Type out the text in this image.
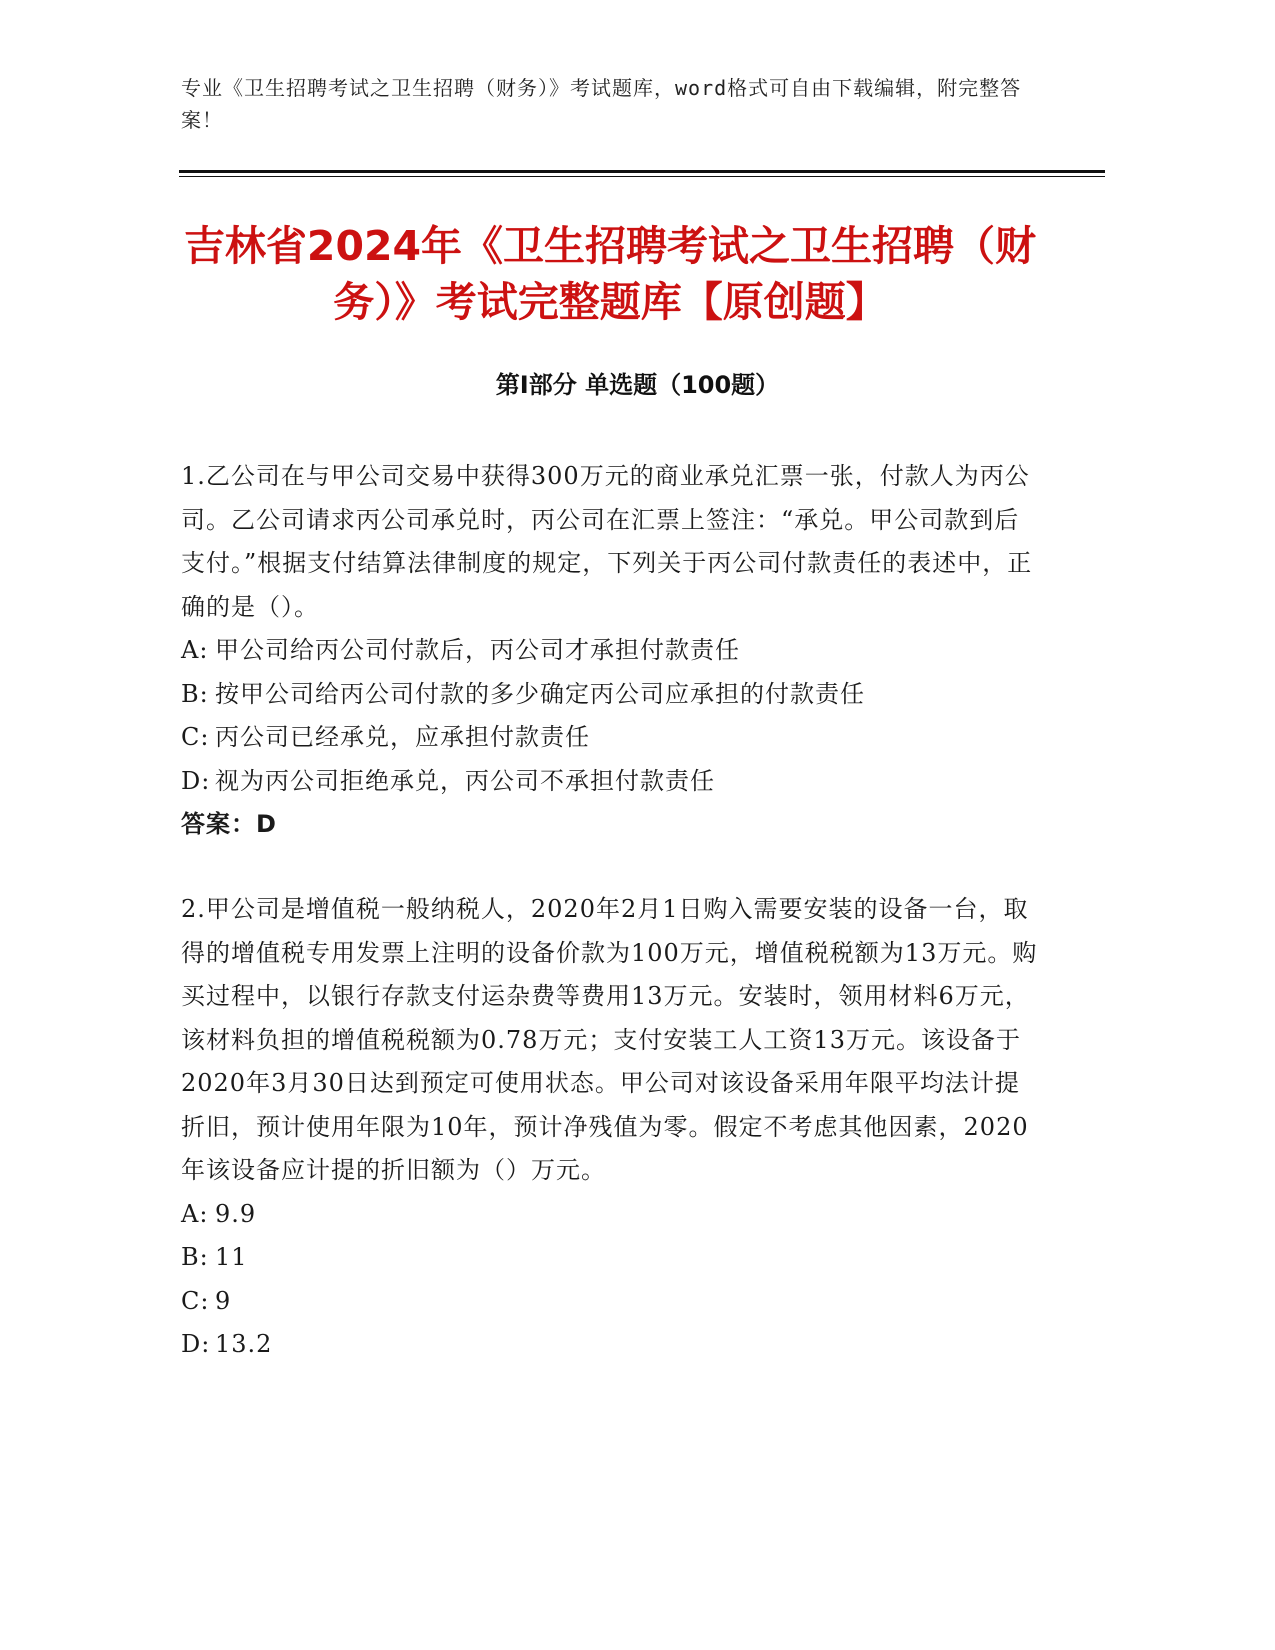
专业《卫生招聘考试之卫生招聘（财务）》考试题库，word格式可自由下载编辑，附完整答案！
吉林省2024年《卫生招聘考试之卫生招聘（财务）》考试完整题库【原创题】
第I部分 单选题（100题）

1.乙公司在与甲公司交易中获得300万元的商业承兑汇票一张，付款人为丙公司。乙公司请求丙公司承兑时，丙公司在汇票上签注：“承兑。甲公司款到后支付。”根据支付结算法律制度的规定，下列关于丙公司付款责任的表述中，正确的是（）。

A: 甲公司给丙公司付款后，丙公司才承担付款责任

B: 按甲公司给丙公司付款的多少确定丙公司应承担的付款责任

C: 丙公司已经承兑，应承担付款责任

D: 视为丙公司拒绝承兑，丙公司不承担付款责任

答案：D

2.甲公司是增值税一般纳税人，2020年2月1日购入需要安装的设备一台，取得的增值税专用发票上注明的设备价款为100万元，增值税税额为13万元。购买过程中，以银行存款支付运杂费等费用13万元。安装时，领用材料6万元，该材料负担的增值税税额为0.78万元；支付安装工人工资13万元。该设备于2020年3月30日达到预定可使用状态。甲公司对该设备采用年限平均法计提折旧，预计使用年限为10年，预计净残值为零。假定不考虑其他因素，2020年该设备应计提的折旧额为（）万元。

A: 9.9

B: 11

C: 9

D: 13.2
